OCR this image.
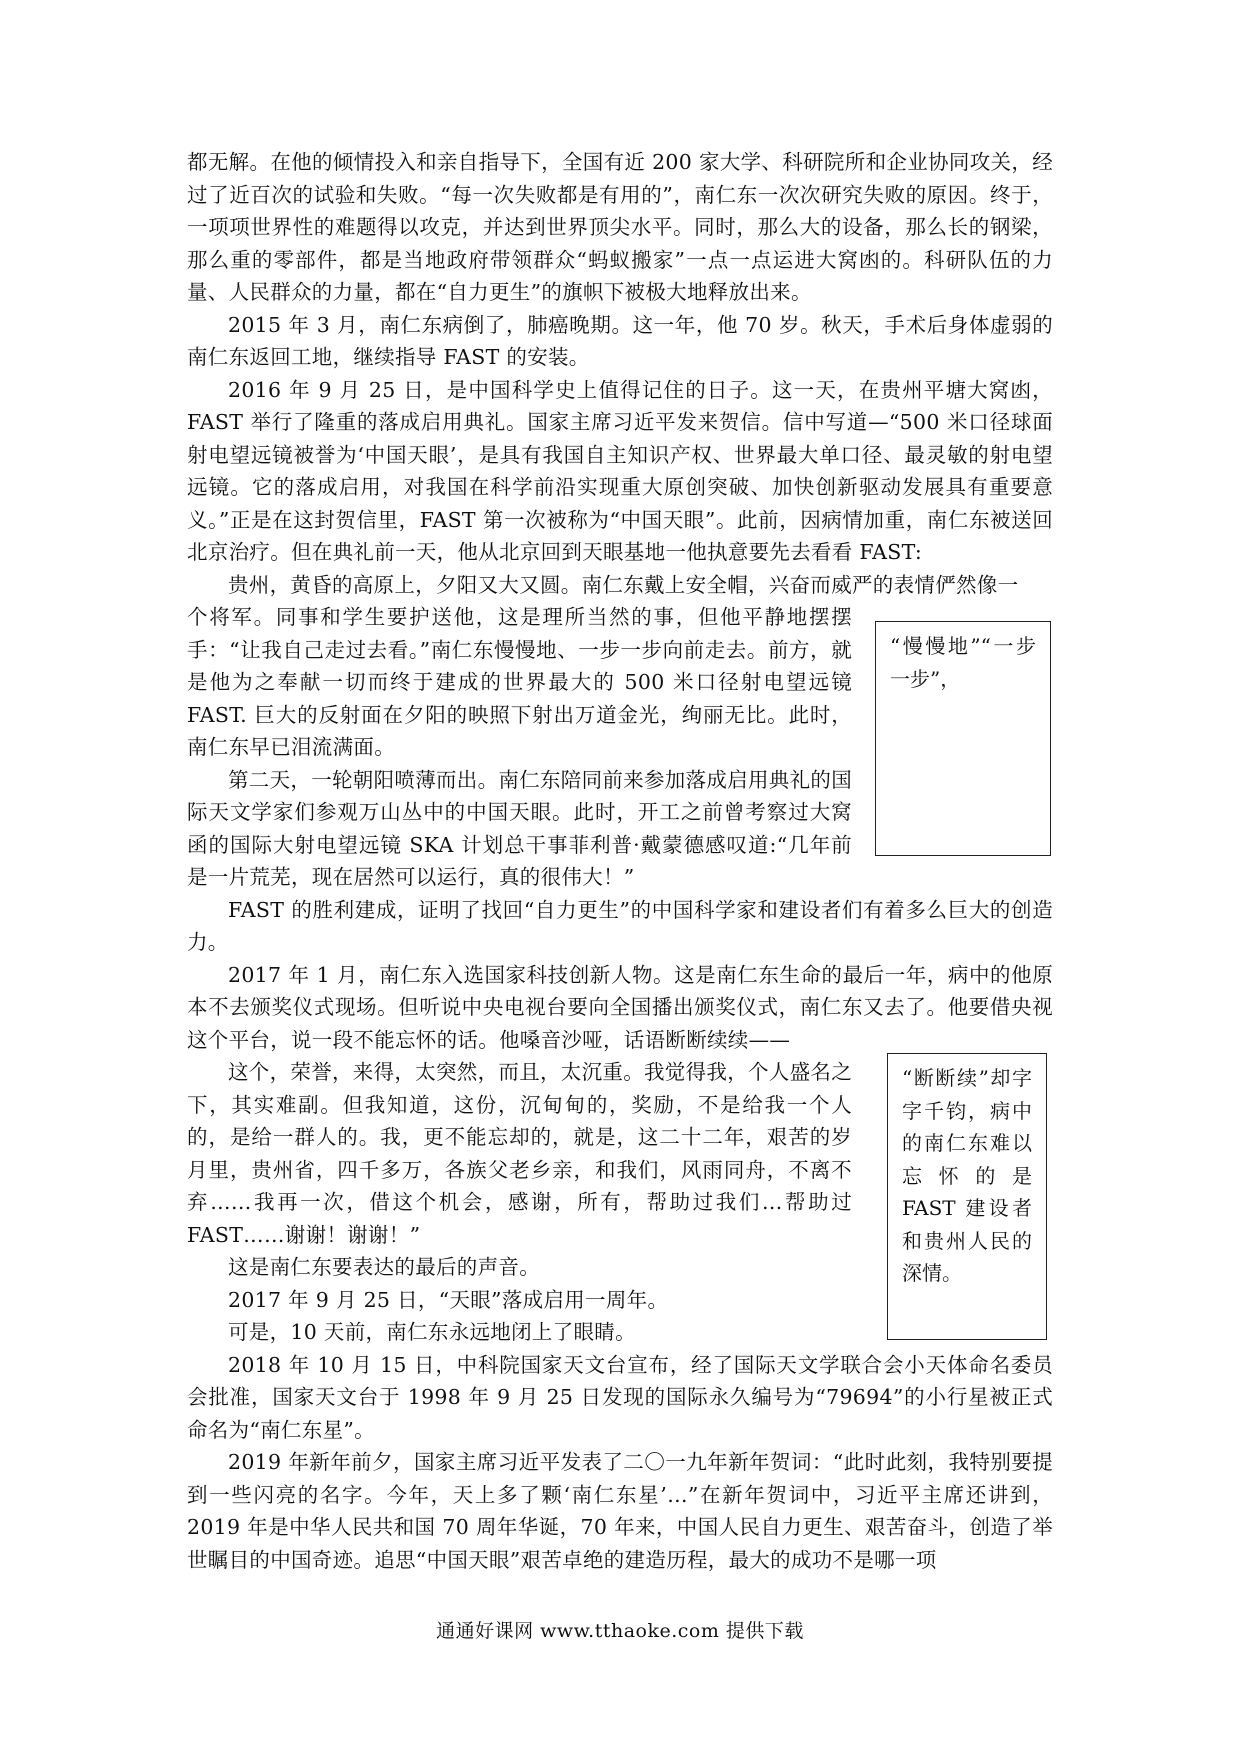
都无解。在他的倾情投入和亲自指导下，全国有近 200 家大学、科研院所和企业协同攻关，经过了近百次的试验和失败。“每一次失败都是有用的”，南仁东一次次研究失败的原因。终于，一项项世界性的难题得以攻克，并达到世界顶尖水平。同时，那么大的设备，那么长的钢梁，那么重的零部件，都是当地政府带领群众“蚂蚁搬家”一点一点运进大窝凼的。科研队伍的力量、人民群众的力量，都在“自力更生”的旗帜下被极大地释放出来。

2015 年 3 月，南仁东病倒了，肺癌晚期。这一年，他 70 岁。秋天，手术后身体虚弱的南仁东返回工地，继续指导 FAST 的安装。

2016 年 9 月 25 日，是中国科学史上值得记住的日子。这一天，在贵州平塘大窝凼，FAST 举行了隆重的落成启用典礼。国家主席习近平发来贺信。信中写道—“500 米口径球面射电望远镜被誉为‘中国天眼’，是具有我国自主知识产权、世界最大单口径、最灵敏的射电望远镜。它的落成启用，对我国在科学前沿实现重大原创突破、加快创新驱动发展具有重要意义。”正是在这封贺信里，FAST 第一次被称为“中国天眼”。此前，因病情加重，南仁东被送回北京治疗。但在典礼前一天，他从北京回到天眼基地一他执意要先去看看 FAST:

贵州，黄昏的高原上，夕阳又大又圆。南仁东戴上安全帽，兴奋而威严的表情俨然像一

个将军。同事和学生要护送他，这是理所当然的事，但他平静地摆摆手：“让我自己走过去看。”南仁东慢慢地、一步一步向前走去。前方，就是他为之奉献一切而终于建成的世界最大的 500 米口径射电望远镜 FAST. 巨大的反射面在夕阳的映照下射出万道金光，绚丽无比。此时，南仁东早已泪流满面。

第二天，一轮朝阳喷薄而出。南仁东陪同前来参加落成启用典礼的国际天文学家们参观万山丛中的中国天眼。此时，开工之前曾考察过大窝函的国际大射电望远镜 SKA 计划总干事菲利普·戴蒙德感叹道:“几年前是一片荒芜，现在居然可以运行，真的很伟大！”

FAST 的胜利建成，证明了找回“自力更生”的中国科学家和建设者们有着多么巨大的创造力。

2017 年 1 月，南仁东入选国家科技创新人物。这是南仁东生命的最后一年，病中的他原本不去颁奖仪式现场。但听说中央电视台要向全国播出颁奖仪式，南仁东又去了。他要借央视这个平台，说一段不能忘怀的话。他嗓音沙哑，话语断断续续——

这个，荣誉，来得，太突然，而且，太沉重。我觉得我，个人盛名之下，其实难副。但我知道，这份，沉甸甸的，奖励，不是给我一个人的，是给一群人的。我，更不能忘却的，就是，这二十二年，艰苦的岁月里，贵州省，四千多万，各族父老乡亲，和我们，风雨同舟，不离不弃……我再一次，借这个机会，感谢，所有，帮助过我们…帮助过 FAST……谢谢！谢谢！”

这是南仁东要表达的最后的声音。

2017 年 9 月 25 日，“天眼”落成启用一周年。

可是，10 天前，南仁东永远地闭上了眼睛。

2018 年 10 月 15 日，中科院国家天文台宣布，经了国际天文学联合会小天体命名委员会批准，国家天文台于 1998 年 9 月 25 日发现的国际永久编号为“79694”的小行星被正式命名为“南仁东星”。

2019 年新年前夕，国家主席习近平发表了二〇一九年新年贺词：“此时此刻，我特别要提到一些闪亮的名字。今年，天上多了颗‘南仁东星’…”在新年贺词中，习近平主席还讲到，2019 年是中华人民共和国 70 周年华诞，70 年来，中国人民自力更生、艰苦奋斗，创造了举世瞩目的中国奇迹。追思“中国天眼”艰苦卓绝的建造历程，最大的成功不是哪一项

“慢慢地”“一步一步”，
“断断续”却字字千钧，病中的南仁东难以忘怀的是 FAST 建设者和贵州人民的深情。
通通好课网 www.tthaoke.com 提供下载
